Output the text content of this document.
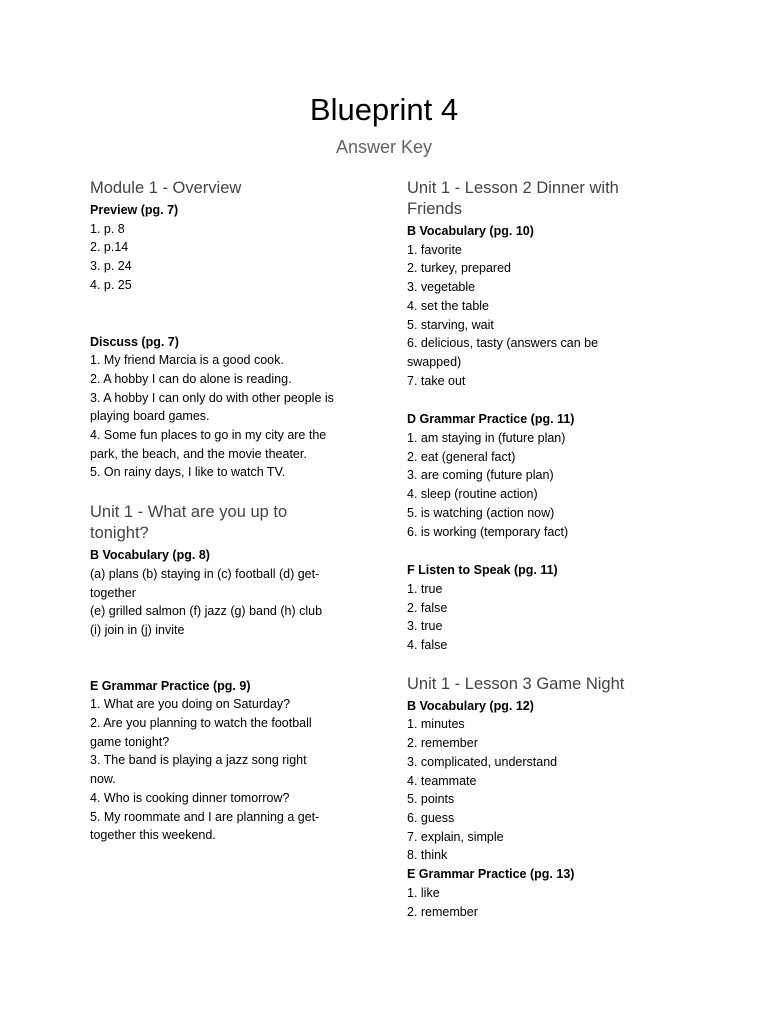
Blueprint 4
Answer Key

Module 1 - Overview

Preview (pg. 7)

1. p. 8

2. p.14

3. p. 24

4. p. 25

Discuss (pg. 7)

1. My friend Marcia is a good cook.

2. A hobby I can do alone is reading.

3. A hobby I can only do with other people is

playing board games.

4. Some fun places to go in my city are the

park, the beach, and the movie theater.

5. On rainy days, I like to watch TV.

Unit 1 - What are you up to

tonight?

B Vocabulary (pg. 8)

(a) plans (b) staying in (c) football (d) get-

together

(e) grilled salmon (f) jazz (g) band (h) club

(i) join in (j) invite

E Grammar Practice (pg. 9)

1. What are you doing on Saturday?

2. Are you planning to watch the football

game tonight?

3. The band is playing a jazz song right

now.

4. Who is cooking dinner tomorrow?

5. My roommate and I are planning a get-

together this weekend.

Unit 1 - Lesson 2 Dinner with

Friends

B Vocabulary (pg. 10)

1. favorite

2. turkey, prepared

3. vegetable

4. set the table

5. starving, wait

6. delicious, tasty (answers can be

swapped)

7. take out

D Grammar Practice (pg. 11)

1. am staying in (future plan)

2. eat (general fact)

3. are coming (future plan)

4. sleep (routine action)

5. is watching (action now)

6. is working (temporary fact)

F Listen to Speak (pg. 11)

1. true

2. false

3. true

4. false

Unit 1 - Lesson 3 Game Night

B Vocabulary (pg. 12)

1. minutes

2. remember

3. complicated, understand

4. teammate

5. points

6. guess

7. explain, simple

8. think

E Grammar Practice (pg. 13)

1. like

2. remember
